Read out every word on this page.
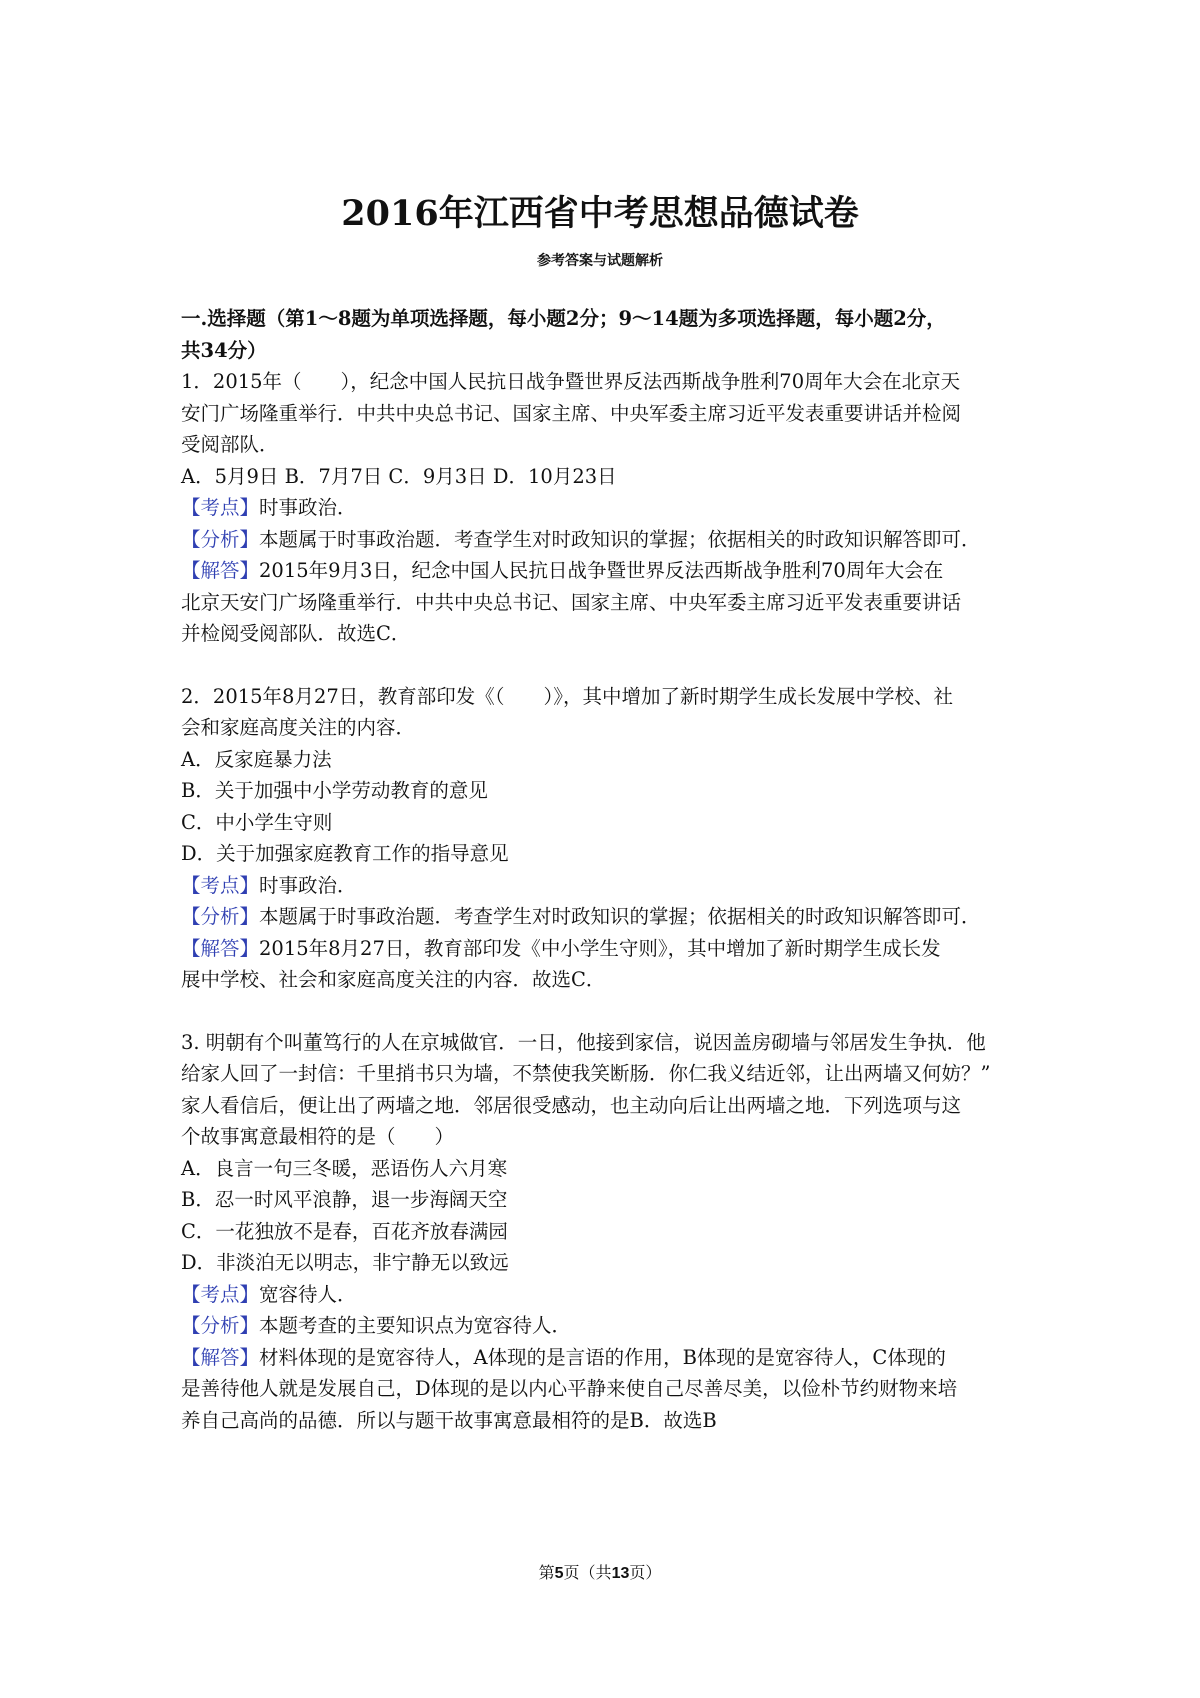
2016年江西省中考思想品德试卷
参考答案与试题解析

一.选择题（第1～8题为单项选择题，每小题2分；9～14题为多项选择题，每小题2分，
共34分）

1．2015年（　　），纪念中国人民抗日战争暨世界反法西斯战争胜利70周年大会在北京天
安门广场隆重举行．中共中央总书记、国家主席、中央军委主席习近平发表重要讲话并检阅
受阅部队．

A．5月9日 B．7月7日 C．9月3日 D．10月23日

【考点】时事政治．

【分析】本题属于时事政治题．考查学生对时政知识的掌握；依据相关的时政知识解答即可．

【解答】2015年9月3日，纪念中国人民抗日战争暨世界反法西斯战争胜利70周年大会在
北京天安门广场隆重举行．中共中央总书记、国家主席、中央军委主席习近平发表重要讲话
并检阅受阅部队．故选C．

2．2015年8月27日，教育部印发《（　　）》，其中增加了新时期学生成长发展中学校、社
会和家庭高度关注的内容．

A．反家庭暴力法

B．关于加强中小学劳动教育的意见

C．中小学生守则

D．关于加强家庭教育工作的指导意见

【考点】时事政治．

【分析】本题属于时事政治题．考查学生对时政知识的掌握；依据相关的时政知识解答即可．

【解答】2015年8月27日，教育部印发《中小学生守则》，其中增加了新时期学生成长发
展中学校、社会和家庭高度关注的内容．故选C．

3. 明朝有个叫董笃行的人在京城做官．一日，他接到家信，说因盖房砌墙与邻居发生争执．他
给家人回了一封信：千里捎书只为墙，不禁使我笑断肠．你仁我义结近邻，让出两墙又何妨？”
家人看信后，便让出了两墙之地．邻居很受感动，也主动向后让出两墙之地．下列选项与这
个故事寓意最相符的是（　　）

A．良言一句三冬暖，恶语伤人六月寒

B．忍一时风平浪静，退一步海阔天空

C．一花独放不是春，百花齐放春满园

D．非淡泊无以明志，非宁静无以致远

【考点】宽容待人．

【分析】本题考查的主要知识点为宽容待人．

【解答】材料体现的是宽容待人，A体现的是言语的作用，B体现的是宽容待人，C体现的
是善待他人就是发展自己，D体现的是以内心平静来使自己尽善尽美，以俭朴节约财物来培
养自己高尚的品德．所以与题干故事寓意最相符的是B．故选B

第5页（共13页）
